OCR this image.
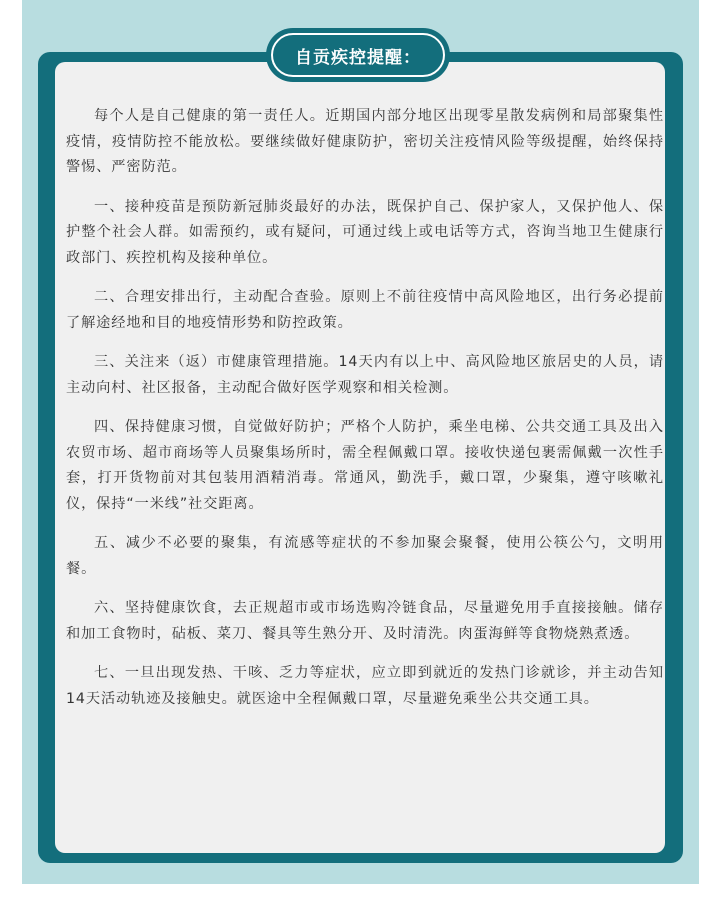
自贡疾控提醒：

每个人是自己健康的第一责任人。近期国内部分地区出现零星散发病例和局部聚集性疫情，疫情防控不能放松。要继续做好健康防护，密切关注疫情风险等级提醒，始终保持警惕、严密防范。

一、接种疫苗是预防新冠肺炎最好的办法，既保护自己、保护家人，又保护他人、保护整个社会人群。如需预约，或有疑问，可通过线上或电话等方式，咨询当地卫生健康行政部门、疾控机构及接种单位。

二、合理安排出行，主动配合查验。原则上不前往疫情中高风险地区，出行务必提前了解途经地和目的地疫情形势和防控政策。

三、关注来（返）市健康管理措施。14天内有以上中、高风险地区旅居史的人员，请主动向村、社区报备，主动配合做好医学观察和相关检测。

四、保持健康习惯，自觉做好防护；严格个人防护，乘坐电梯、公共交通工具及出入农贸市场、超市商场等人员聚集场所时，需全程佩戴口罩。接收快递包裹需佩戴一次性手套，打开货物前对其包装用酒精消毒。常通风，勤洗手，戴口罩，少聚集，遵守咳嗽礼仪，保持“一米线”社交距离。

五、减少不必要的聚集，有流感等症状的不参加聚会聚餐，使用公筷公勺，文明用餐。

六、坚持健康饮食，去正规超市或市场选购冷链食品，尽量避免用手直接接触。储存和加工食物时，砧板、菜刀、餐具等生熟分开、及时清洗。肉蛋海鲜等食物烧熟煮透。

七、一旦出现发热、干咳、乏力等症状，应立即到就近的发热门诊就诊，并主动告知14天活动轨迹及接触史。就医途中全程佩戴口罩，尽量避免乘坐公共交通工具。
